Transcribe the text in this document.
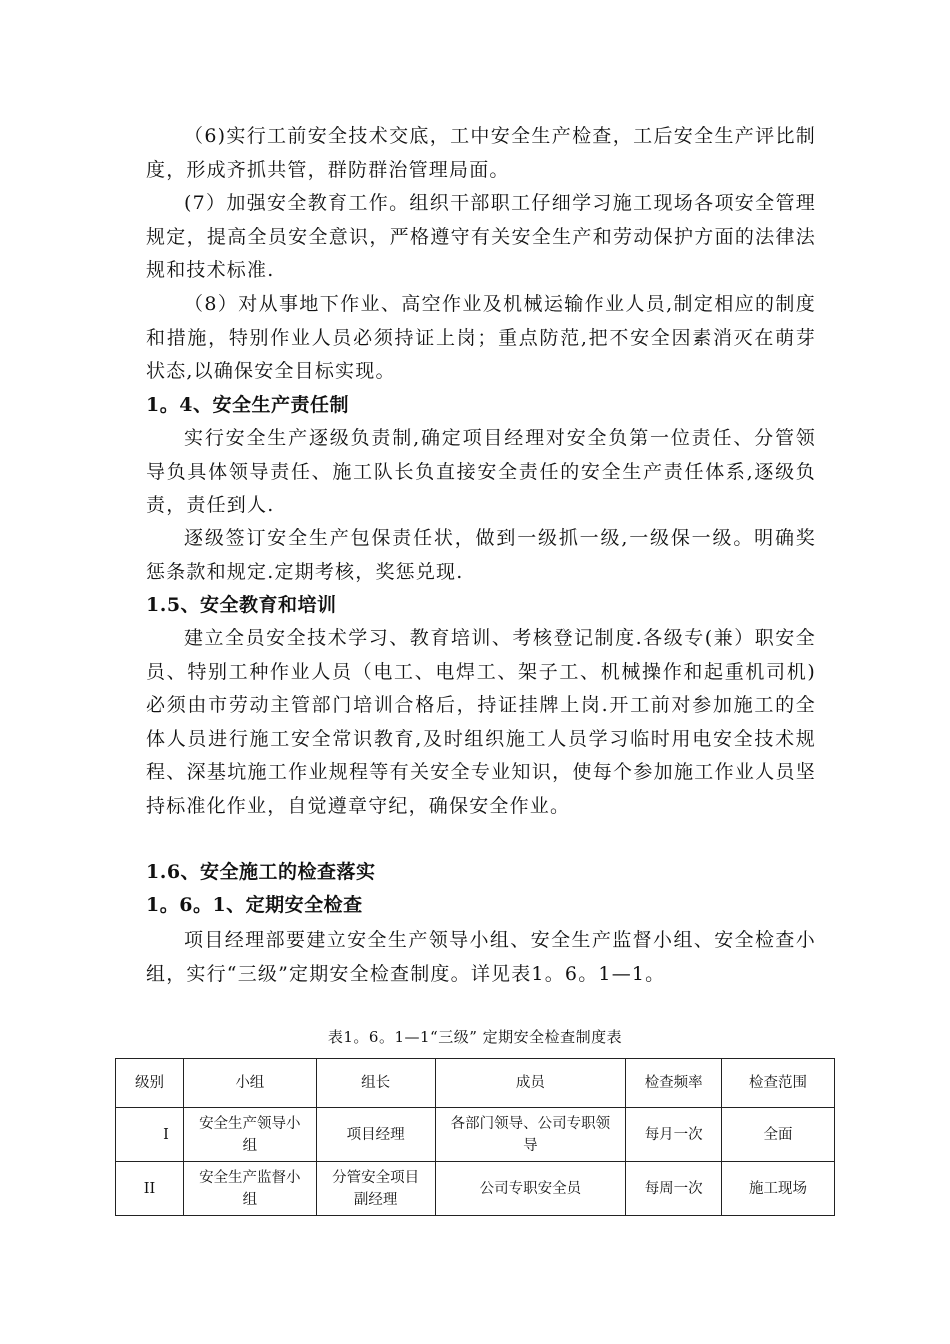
（6)实行工前安全技术交底，工中安全生产检查，工后安全生产评比制度，形成齐抓共管，群防群治管理局面。

(7）加强安全教育工作。组织干部职工仔细学习施工现场各项安全管理规定，提高全员安全意识，严格遵守有关安全生产和劳动保护方面的法律法规和技术标准.

（8）对从事地下作业、高空作业及机械运输作业人员,制定相应的制度和措施，特别作业人员必须持证上岗；重点防范,把不安全因素消灭在萌芽状态,以确保安全目标实现。

1。4、安全生产责任制

实行安全生产逐级负责制,确定项目经理对安全负第一位责任、分管领导负具体领导责任、施工队长负直接安全责任的安全生产责任体系,逐级负责，责任到人.

逐级签订安全生产包保责任状，做到一级抓一级,一级保一级。明确奖惩条款和规定.定期考核，奖惩兑现.

1.5、安全教育和培训

建立全员安全技术学习、教育培训、考核登记制度.各级专(兼）职安全员、特别工种作业人员（电工、电焊工、架子工、机械操作和起重机司机)必须由市劳动主管部门培训合格后，持证挂牌上岗.开工前对参加施工的全体人员进行施工安全常识教育,及时组织施工人员学习临时用电安全技术规程、深基坑施工作业规程等有关安全专业知识，使每个参加施工作业人员坚持标准化作业，自觉遵章守纪，确保安全作业。

1.6、安全施工的检查落实
1。6。1、定期安全检查

项目经理部要建立安全生产领导小组、安全生产监督小组、安全检查小组，实行“三级”定期安全检查制度。详见表1。6。1—1。

表1。6。1—1“三级” 定期安全检查制度表
级别	小组	组长	成员	检查频率	检查范围
I	安全生产领导小组	项目经理	各部门领导、公司专职领导	每月一次	全面
II	安全生产监督小组	分管安全项目副经理	公司专职安全员	每周一次	施工现场
